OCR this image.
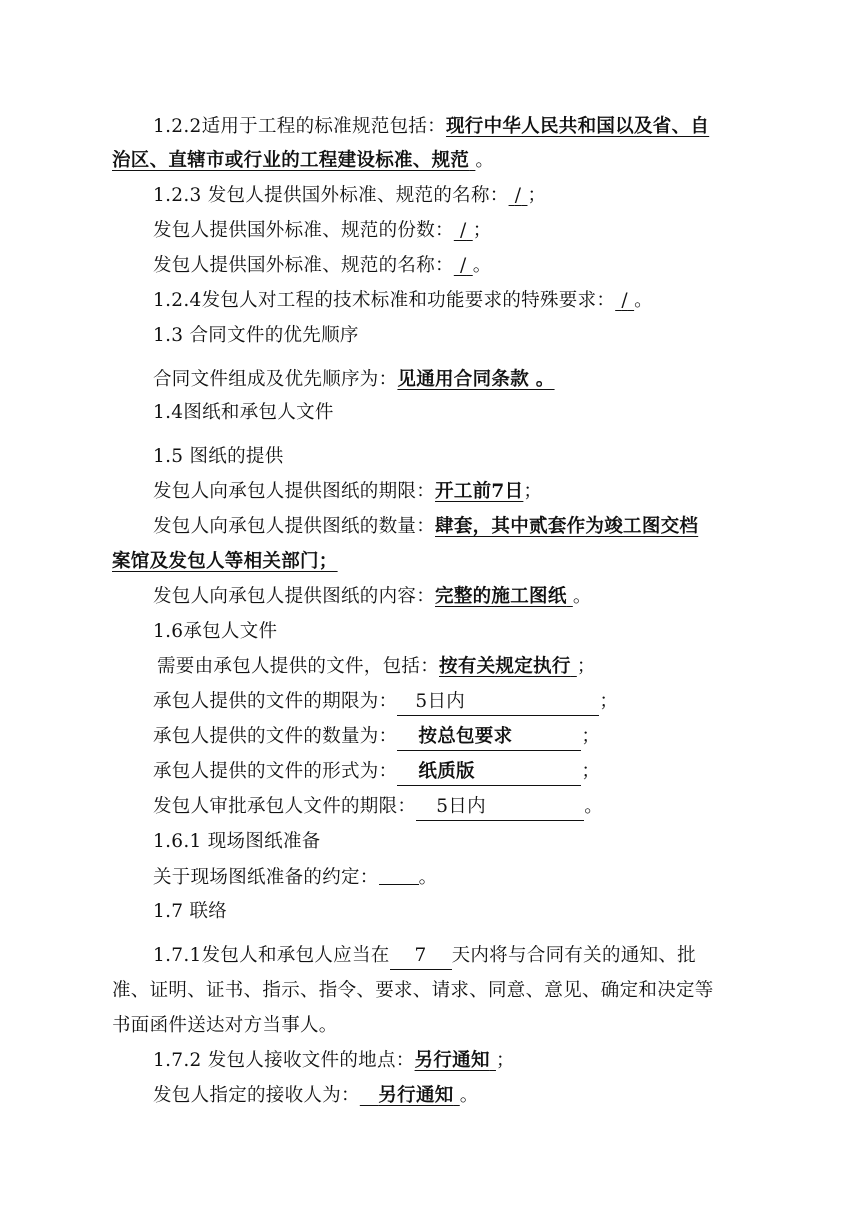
1.2.2适用于工程的标准规范包括：现行中华人民共和国以及省、自
治区、直辖市或行业的工程建设标准、规范 。
1.2.3 发包人提供国外标准、规范的名称： / ；
发包人提供国外标准、规范的份数： / ；
发包人提供国外标准、规范的名称： / 。
1.2.4发包人对工程的技术标准和功能要求的特殊要求： / 。
1.3 合同文件的优先顺序
合同文件组成及优先顺序为：见通用合同条款 。
1.4图纸和承包人文件
1.5 图纸的提供
发包人向承包人提供图纸的期限：开工前7日；
发包人向承包人提供图纸的数量：肆套，其中贰套作为竣工图交档
案馆及发包人等相关部门；
发包人向承包人提供图纸的内容：完整的施工图纸 。
1.6承包人文件
需要由承包人提供的文件，包括：按有关规定执行 ；
承包人提供的文件的期限为： 5日内	；
承包人提供的文件的数量为： 按总包要求	；
承包人提供的文件的形式为： 纸质版	；
发包人审批承包人文件的期限： 5日内	。
1.6.1 现场图纸准备
关于现场图纸准备的约定： 。
1.7 联络
1.7.1发包人和承包人应当在 7 天内将与合同有关的通知、批
准、证明、证书、指示、指令、要求、请求、同意、意见、确定和决定等
书面函件送达对方当事人。
1.7.2 发包人接收文件的地点：另行通知 ；
发包人指定的接收人为： 另行通知 。
